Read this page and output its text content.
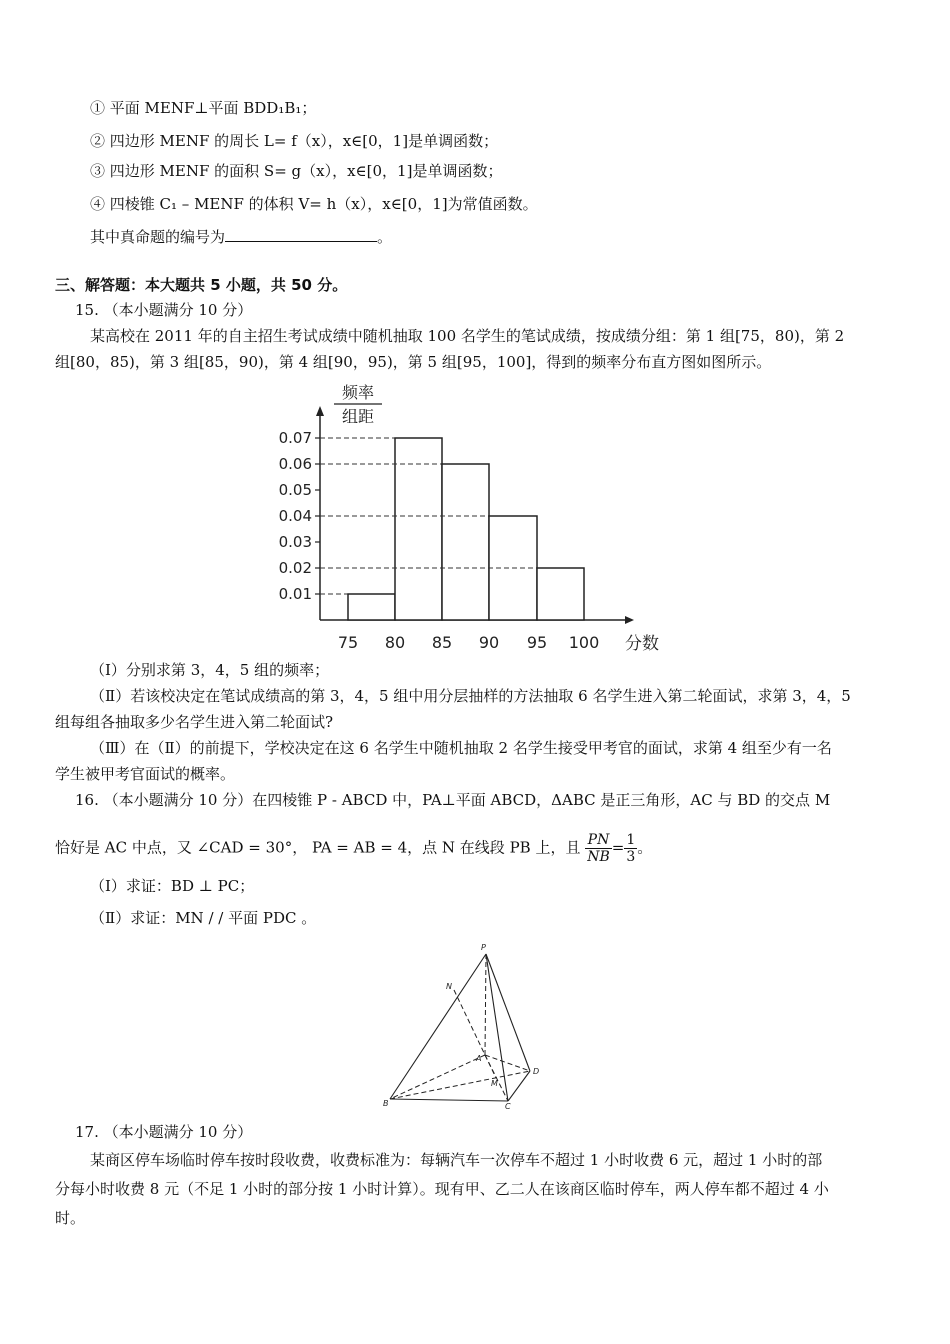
① 平面 MENF⊥平面 BDD₁B₁；
② 四边形 MENF 的周长 L= f（x），x∈[0，1]是单调函数；
③ 四边形 MENF 的面积 S= g（x），x∈[0，1]是单调函数；
④ 四棱锥 C₁ – MENF 的体积 V= h（x），x∈[0，1]为常值函数。
其中真命题的编号为	。
三、解答题：本大题共 5 小题，共 50 分。
15. （本小题满分 10 分）
某高校在 2011 年的自主招生考试成绩中随机抽取 100 名学生的笔试成绩，按成绩分组：第 1 组[75，80)，第 2
组[80，85)，第 3 组[85，90)，第 4 组[90，95)，第 5 组[95，100]，得到的频率分布直方图如图所示。
频率
组距
分数
0.01
0.02
0.03
0.04
0.05
0.06
0.07
75 80 85 90 95 100
（Ⅰ）分别求第 3，4，5 组的频率；
（Ⅱ）若该校决定在笔试成绩高的第 3，4，5 组中用分层抽样的方法抽取 6 名学生进入第二轮面试，求第 3，4，5
组每组各抽取多少名学生进入第二轮面试?
（Ⅲ）在（Ⅱ）的前提下，学校决定在这 6 名学生中随机抽取 2 名学生接受甲考官的面试，求第 4 组至少有一名
学生被甲考官面试的概率。
16. （本小题满分 10 分）在四棱锥 P - ABCD 中，PA⊥平面 ABCD，ΔABC 是正三角形，AC 与 BD 的交点 M
恰好是 AC 中点，又 ∠CAD = 30°， PA = AB = 4，点 N 在线段 PB 上，且 $\frac{PN}{NB} = \frac{1}{3}$ 。
（Ⅰ）求证：BD ⊥ PC；
（Ⅱ）求证：MN / / 平面 PDC 。
P
N
A
M
D
B	C
17. （本小题满分 10 分）
某商区停车场临时停车按时段收费，收费标准为：每辆汽车一次停车不超过 1 小时收费 6 元，超过 1 小时的部
分每小时收费 8 元（不足 1 小时的部分按 1 小时计算）。现有甲、乙二人在该商区临时停车，两人停车都不超过 4 小
时。
